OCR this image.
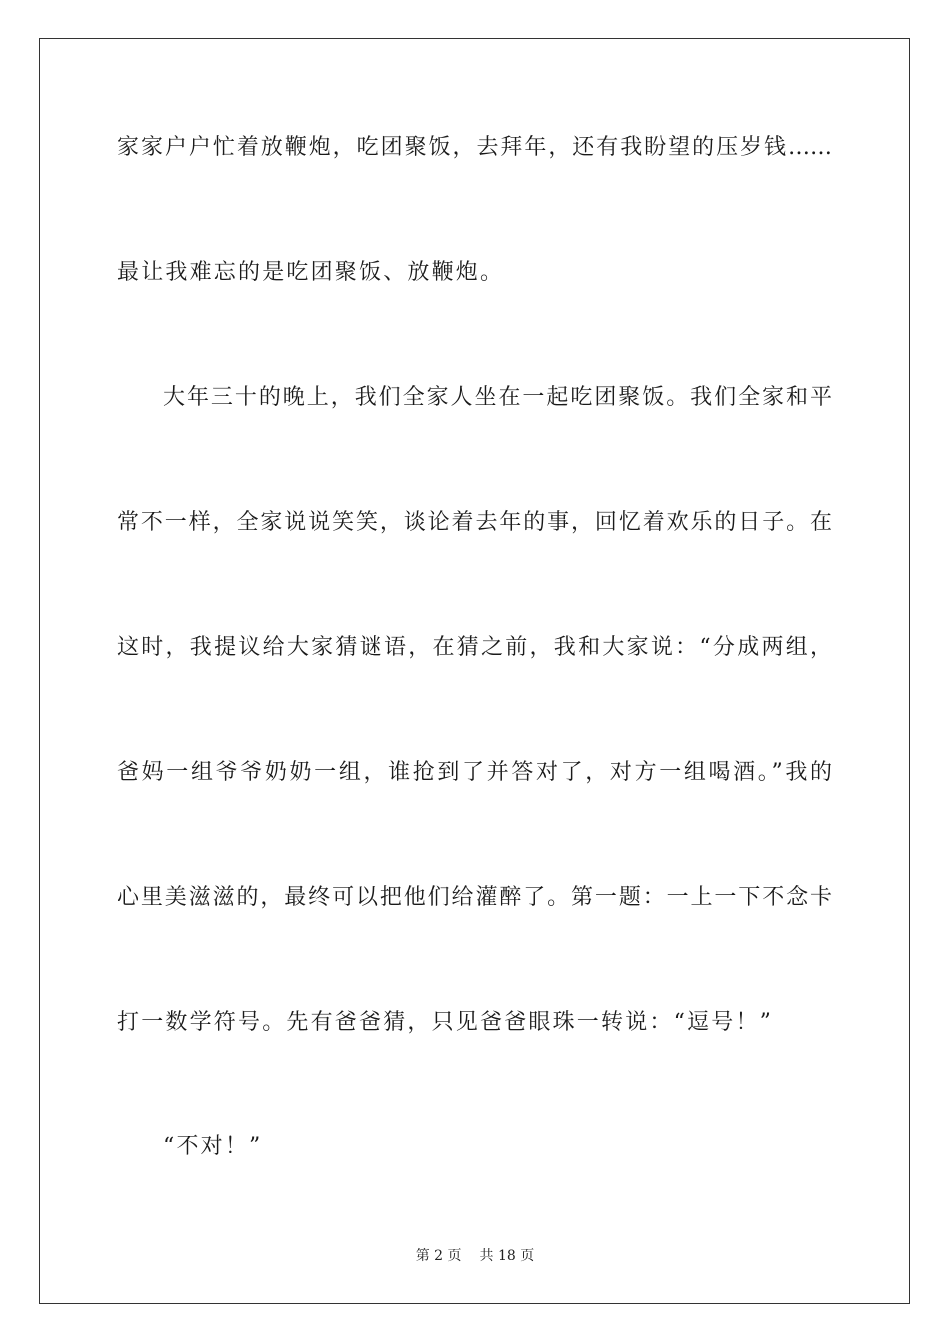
家家户户忙着放鞭炮，吃团聚饭，去拜年，还有我盼望的压岁钱……
最让我难忘的是吃团聚饭、放鞭炮。
大年三十的晚上，我们全家人坐在一起吃团聚饭。我们全家和平
常不一样，全家说说笑笑，谈论着去年的事，回忆着欢乐的日子。在
这时，我提议给大家猜谜语，在猜之前，我和大家说：“分成两组，
爸妈一组爷爷奶奶一组，谁抢到了并答对了，对方一组喝酒。”我的
心里美滋滋的，最终可以把他们给灌醉了。第一题：一上一下不念卡
打一数学符号。先有爸爸猜，只见爸爸眼珠一转说：“逗号！”
“不对！”
第 2 页 共 18 页
